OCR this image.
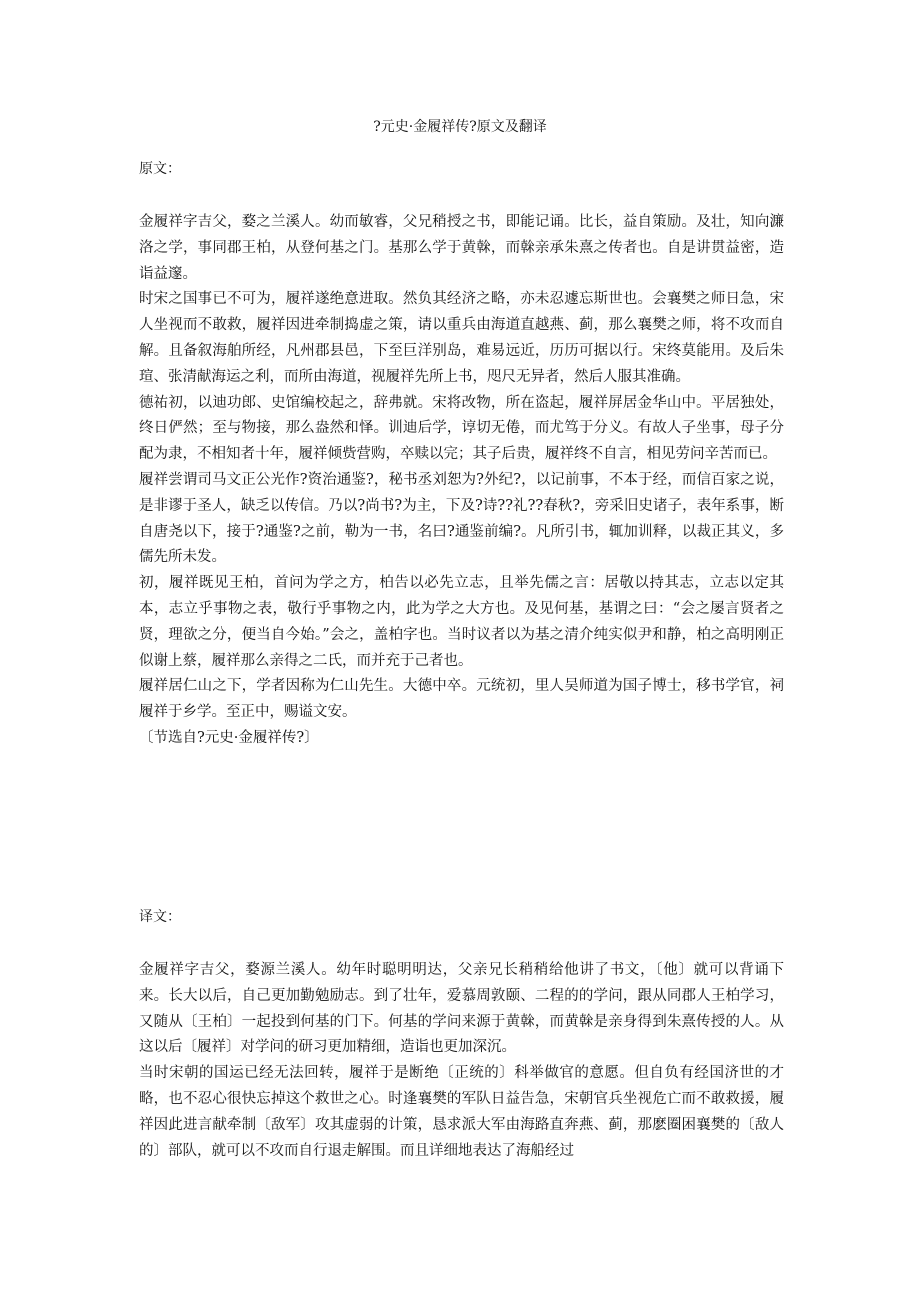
?元史·金履祥传?原文及翻译
原文：

金履祥字吉父，婺之兰溪人。幼而敏睿，父兄稍授之书，即能记诵。比长，益自策励。及壮，知向濂洛之学，事同郡王柏，从登何基之门。基那么学于黄榦，而榦亲承朱熹之传者也。自是讲贯益密，造诣益邃。

时宋之国事已不可为，履祥遂绝意进取。然负其经济之略，亦未忍遽忘斯世也。会襄樊之师日急，宋人坐视而不敢救，履祥因进牵制捣虚之策，请以重兵由海道直越燕、蓟，那么襄樊之师，将不攻而自解。且备叙海舶所经，凡州郡县邑，下至巨洋别岛，难易远近，历历可据以行。宋终莫能用。及后朱瑄、张清献海运之利，而所由海道，视履祥先所上书，咫尺无异者，然后人服其准确。

德祐初，以迪功郎、史馆编校起之，辞弗就。宋将改物，所在盗起，履祥屏居金华山中。平居独处，终日俨然；至与物接，那么盎然和怿。训迪后学，谆切无倦，而尤笃于分义。有故人子坐事，母子分配为隶，不相知者十年，履祥倾赀营购，卒赎以完；其子后贵，履祥终不自言，相见劳问辛苦而已。

履祥尝谓司马文正公光作?资治通鉴?，秘书丞刘恕为?外纪?，以记前事，不本于经，而信百家之说，是非谬于圣人，缺乏以传信。乃以?尚书?为主，下及?诗??礼??春秋?，旁采旧史诸子，表年系事，断自唐尧以下，接于?通鉴?之前，勒为一书，名曰?通鉴前编?。凡所引书，辄加训释，以裁正其义，多儒先所未发。

初，履祥既见王柏，首问为学之方，柏告以必先立志，且举先儒之言：居敬以持其志，立志以定其本，志立乎事物之表，敬行乎事物之内，此为学之大方也。及见何基，基谓之曰：“会之屡言贤者之贤，理欲之分，便当自今始。”会之，盖柏字也。当时议者以为基之清介纯实似尹和静，柏之高明刚正似谢上蔡，履祥那么亲得之二氏，而并充于己者也。

履祥居仁山之下，学者因称为仁山先生。大德中卒。元统初，里人吴师道为国子博士，移书学官，祠履祥于乡学。至正中，赐谥文安。

〔节选自?元史·金履祥传?〕

译文：

金履祥字吉父，婺源兰溪人。幼年时聪明明达，父亲兄长稍稍给他讲了书文，〔他〕就可以背诵下来。长大以后，自己更加勤勉励志。到了壮年，爱慕周敦颐、二程的的学问，跟从同郡人王柏学习，又随从〔王柏〕一起投到何基的门下。何基的学问来源于黄榦，而黄榦是亲身得到朱熹传授的人。从这以后〔履祥〕对学问的研习更加精细，造诣也更加深沉。

当时宋朝的国运已经无法回转，履祥于是断绝〔正统的〕科举做官的意愿。但自负有经国济世的才略，也不忍心很快忘掉这个救世之心。时逢襄樊的军队日益告急，宋朝官兵坐视危亡而不敢救援，履祥因此进言献牵制〔敌军〕攻其虚弱的计策，恳求派大军由海路直奔燕、蓟，那麽圈困襄樊的〔敌人的〕部队，就可以不攻而自行退走解围。而且详细地表达了海船经过
